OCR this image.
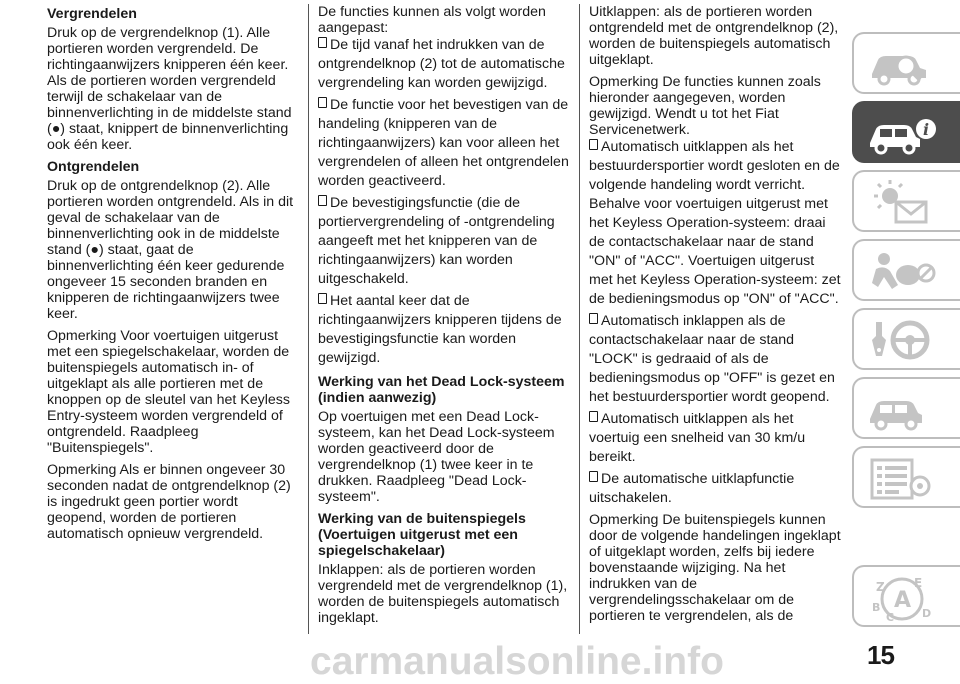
Vergrendelen

Druk op de vergrendelknop (1). Alle portieren worden vergrendeld. De richtingaanwijzers knipperen één keer. Als de portieren worden vergrendeld terwijl de schakelaar van de binnenverlichting in de middelste stand (●) staat, knippert de binnenverlichting ook één keer.

Ontgrendelen

Druk op de ontgrendelknop (2). Alle portieren worden ontgrendeld. Als in dit geval de schakelaar van de binnenverlichting ook in de middelste stand (●) staat, gaat de binnenverlichting één keer gedurende ongeveer 15 seconden branden en knipperen de richtingaanwijzers twee keer.

Opmerking Voor voertuigen uitgerust met een spiegelschakelaar, worden de buitenspiegels automatisch in- of uitgeklapt als alle portieren met de knoppen op de sleutel van het Keyless Entry-systeem worden vergrendeld of ontgrendeld. Raadpleeg "Buitenspiegels".

Opmerking Als er binnen ongeveer 30 seconden nadat de ontgrendelknop (2) is ingedrukt geen portier wordt geopend, worden de portieren automatisch opnieuw vergrendeld.

De functies kunnen als volgt worden aangepast:

De tijd vanaf het indrukken van de ontgrendelknop (2) tot de automatische vergrendeling kan worden gewijzigd.
De functie voor het bevestigen van de handeling (knipperen van de richtingaanwijzers) kan voor alleen het vergrendelen of alleen het ontgrendelen worden geactiveerd.
De bevestigingsfunctie (die de portiervergrendeling of -ontgrendeling aangeeft met het knipperen van de richtingaanwijzers) kan worden uitgeschakeld.
Het aantal keer dat de richtingaanwijzers knipperen tijdens de bevestigingsfunctie kan worden gewijzigd.
Werking van het Dead Lock-systeem (indien aanwezig)

Op voertuigen met een Dead Lock-systeem, kan het Dead Lock-systeem worden geactiveerd door de vergrendelknop (1) twee keer in te drukken. Raadpleeg "Dead Lock-systeem".

Werking van de buitenspiegels (Voertuigen uitgerust met een spiegelschakelaar)

Inklappen: als de portieren worden vergrendeld met de vergrendelknop (1), worden de buitenspiegels automatisch ingeklapt.

Uitklappen: als de portieren worden ontgrendeld met de ontgrendelknop (2), worden de buitenspiegels automatisch uitgeklapt.

Opmerking De functies kunnen zoals hieronder aangegeven, worden gewijzigd. Wendt u tot het Fiat Servicenetwerk.

Automatisch uitklappen als het bestuurdersportier wordt gesloten en de volgende handeling wordt verricht. Behalve voor voertuigen uitgerust met het Keyless Operation-systeem: draai de contactschakelaar naar de stand "ON" of "ACC". Voertuigen uitgerust met het Keyless Operation-systeem: zet de bedieningsmodus op "ON" of "ACC".
Automatisch inklappen als de contactschakelaar naar de stand "LOCK" is gedraaid of als de bedieningsmodus op "OFF" is gezet en het bestuurdersportier wordt geopend.
Automatisch uitklappen als het voertuig een snelheid van 30 km/u bereikt.
De automatische uitklapfunctie uitschakelen.

Opmerking De buitenspiegels kunnen door de volgende handelingen ingeklapt of uitgeklapt worden, zelfs bij iedere bovenstaande wijziging. Na het indrukken van de vergrendelingsschakelaar om de portieren te vergrendelen, als de

i
Z E
B A
C	D
15
carmanualsonline.info
